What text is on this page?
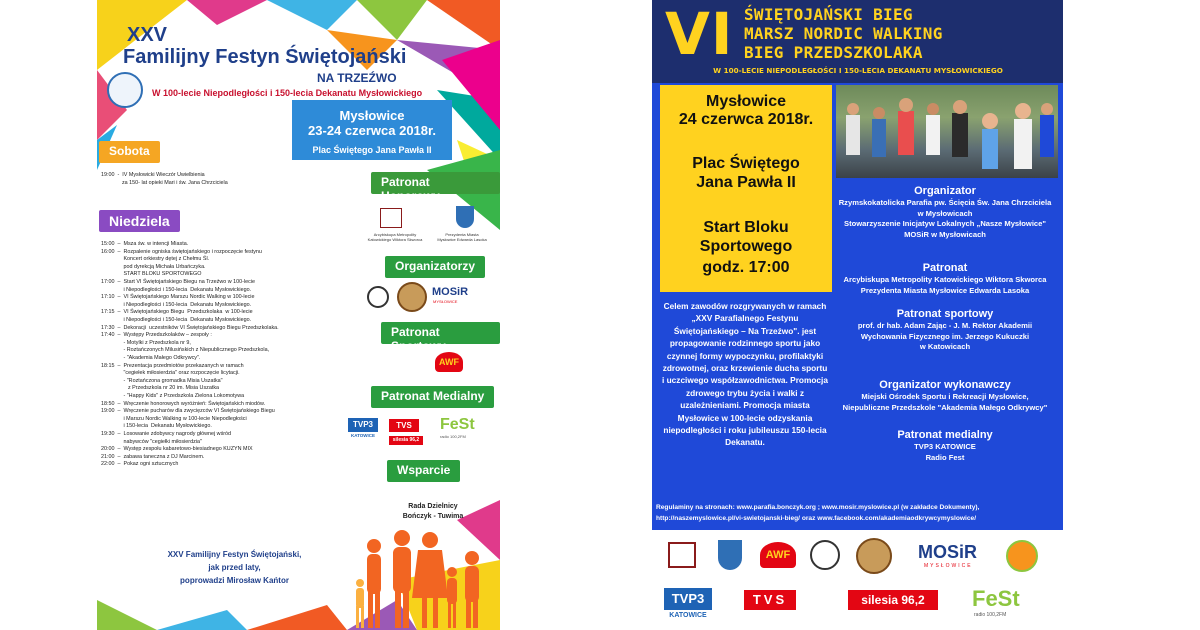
XXV
Familijny Festyn Świętojański
NA TRZEŹWO
W 100-lecie Niepodległości i 150-lecia Dekanatu Mysłowickiego
Mysłowice
23-24 czerwca 2018r.
Plac Świętego Jana Pawła II
Sobota
Niedziela
Patronat Honorowy
Organizatorzy
Patronat Sportowy
Patronat Medialny
Wsparcie
19:00  -  IV Mysłowicki Wieczór Uwielbienia
za 150- lat opieki Mari i św. Jana Chrzciciela
Arcybiskupa Metropolity Katowickiego Wiktora Skworca
Prezydenta Miasta Mysłowice Edwarda Lasoka
MOSiR
MYSŁOWICE
AWF
TVP3
KATOWICE
TVS
silesia 96,2
FeSt
radio 100,2FM
Rada Dzielnicy
Bończyk - Tuwima
XXV Familijny Festyn Świętojański,
jak przed laty,
poprowadzi Mirosław Kańtor
15:00  –  Msza św. w intencji Miasta.
16:00  –  Rozpalenie ogniska świętojańskiego i rozpoczęcie festynu
Koncert orkiestry dętej z Chełmu Śl.
pod dyrekcją Michała Urbańczyka.
START BLOKU SPORTOWEGO
17:00  –  Start VI Świętojańskiego Biegu na Trzeźwo w 100-lecie
i Niepodległości i 150-lecia  Dekanatu Mysłowickiego.
17:10  –  VI Świętojańskiego Marszu Nordic Walking w 100-lecie
i Niepodległości i 150-lecia  Dekanatu Mysłowickiego.
17:15  –  VI Świętojańskiego Biegu  Przedszkolaka  w 100-lecie
i Niepodległości i 150-lecia  Dekanatu Mysłowickiego.
17:30  –  Dekoracji  uczestników VI Świętojańskiego Biegu Przedszkolaka.
17:40  –  Występy Przedszkolaków – zespoły :
- Motylki z Przedszkola nr 9,
- Roztańczonych Milusińskich z Niepublicznego Przedszkola,
- "Akademia Małego Odkrywcy".
18:15  –  Prezentacja przedmiotów przekazanych w ramach
"cegiełek miłosierdzia" oraz rozpoczęcie licytacji.
- "Roztańczona gromadka Misia Uszatka"
z Przedszkola nr 20 im. Misia Uszatka
- "Happy Kids" z Przedszkola Zielona Lokomotywa
18:50  –  Wręczenie honorowych wyróżnień: Świętojańskich miodów.
19:00  –  Wręczenie pucharów dla zwycięzców VI Świętojańskiego Biegu
i Marszu Nordic Walking w 100-lecie Niepodległości
i 150-lecia  Dekanatu Mysłowickiego.
19:30  –  Losowanie zdobywcy nagrody głównej wśród
nabywców "cegiełki miłosierdzia"
20:00  –  Występ zespołu kabaretowo-biesiadnego KUZYN MIX
21:00  –  zabawa taneczna z DJ Marcinem.
22:00  –  Pokaz ogni sztucznych
VI ŚWIĘTOJAŃSKI BIEG
MARSZ NORDIC WALKING
BIEG PRZEDSZKOLAKA
W 100-LECIE NIEPODLEGŁOŚCI I 150-LECIA DEKANATU MYSŁOWICKIEGO
Mysłowice
24 czerwca 2018r.
Plac Świętego
Jana Pawła II
Start Bloku
Sportowego
godz. 17:00
Celem zawodów rozgrywanych w ramach „XXV Parafialnego Festynu Świętojańskiego – Na Trzeźwo". jest propagowanie rodzinnego sportu jako czynnej formy wypoczynku, profilaktyki zdrowotnej, oraz krzewienie ducha sportu i uczciwego współzawodnictwa. Promocja zdrowego trybu życia i walki z uzależnieniami. Promocja miasta Mysłowice w 100-lecie odzyskania niepodległości i roku jubileuszu 150-lecia Dekanatu.
Organizator
Rzymskokatolicka Parafia pw. Ścięcia Św. Jana Chrzciciela
w Mysłowicach
Stowarzyszenie Inicjatyw Lokalnych „Nasze Mysłowice"
MOSiR w Mysłowicach
Patronat
Arcybiskupa Metropolity Katowickiego Wiktora Skworca
Prezydenta Miasta Mysłowice Edwarda Lasoka
Patronat sportowy
prof. dr hab. Adam Zając - J. M. Rektor Akademii
Wychowania Fizycznego im. Jerzego Kukuczki
w Katowicach
Organizator wykonawczy
Miejski Ośrodek Sportu i Rekreacji Mysłowice,
Niepubliczne Przedszkole "Akademia Małego Odkrywcy"
Patronat medialny
TVP3 KATOWICE
Radio Fest
Regulaminy na stronach: www.parafia.bonczyk.org ; www.mosir.myslowice.pl (w zakładce Dokumenty),
http://naszemyslowice.pl/vi-swietojanski-bieg/ oraz www.facebook.com/akademiaodkrywcymyslowice/
AWF	MOSiR
MYSŁOWICE
TVP3
KATOWICE
TVS	silesia 96,2	FeSt
radio 100,2FM
